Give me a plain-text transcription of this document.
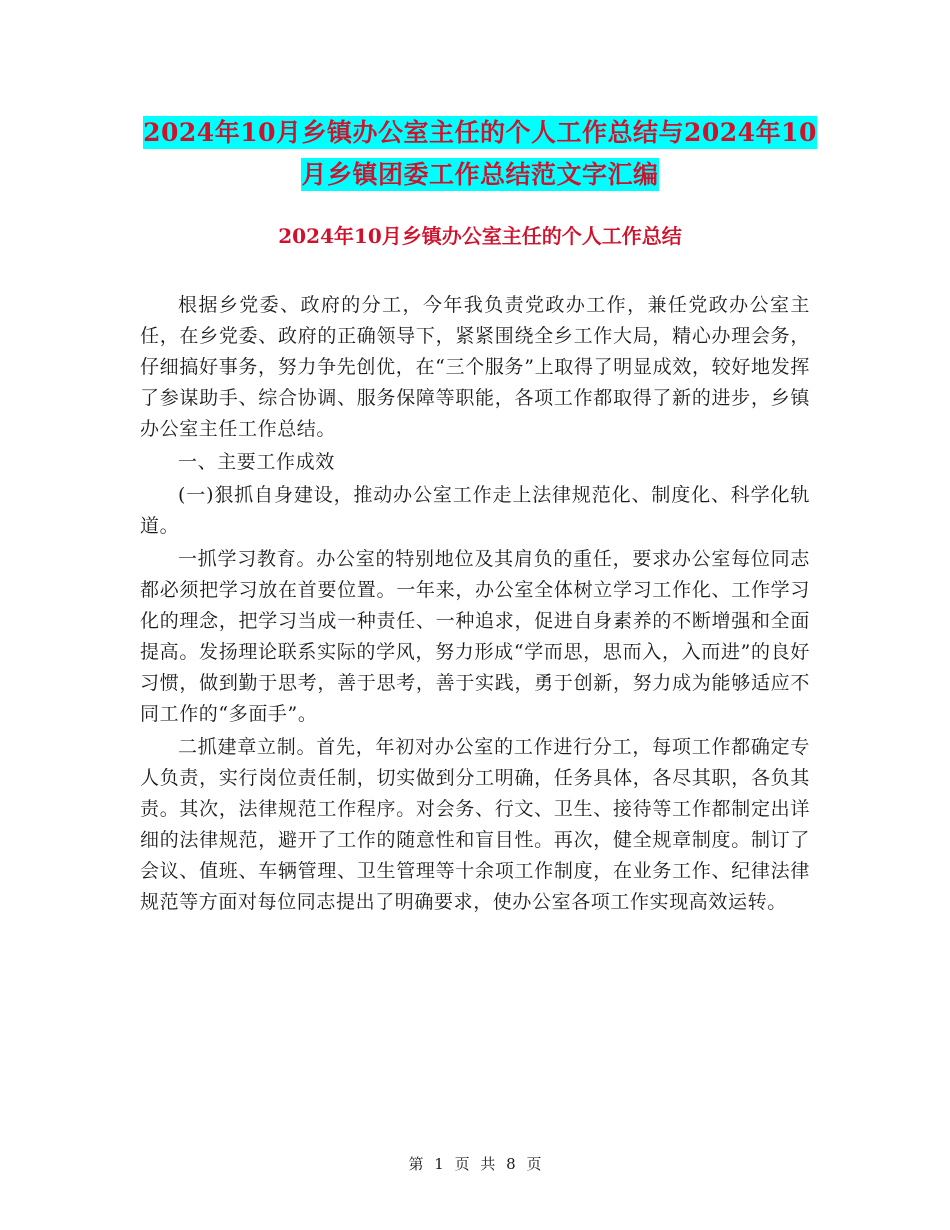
2024年10月乡镇办公室主任的个人工作总结与2024年10月乡镇团委工作总结范文字汇编
2024年10月乡镇办公室主任的个人工作总结

根据乡党委、政府的分工，今年我负责党政办工作，兼任党政办公室主任，在乡党委、政府的正确领导下，紧紧围绕全乡工作大局，精心办理会务，仔细搞好事务，努力争先创优，在“三个服务”上取得了明显成效，较好地发挥了参谋助手、综合协调、服务保障等职能，各项工作都取得了新的进步，乡镇办公室主任工作总结。

一、主要工作成效

(一)狠抓自身建设，推动办公室工作走上法律规范化、制度化、科学化轨道。

一抓学习教育。办公室的特别地位及其肩负的重任，要求办公室每位同志都必须把学习放在首要位置。一年来，办公室全体树立学习工作化、工作学习化的理念，把学习当成一种责任、一种追求，促进自身素养的不断增强和全面提高。发扬理论联系实际的学风，努力形成“学而思，思而入，入而进”的良好习惯，做到勤于思考，善于思考，善于实践，勇于创新，努力成为能够适应不同工作的“多面手”。

二抓建章立制。首先，年初对办公室的工作进行分工，每项工作都确定专人负责，实行岗位责任制，切实做到分工明确，任务具体，各尽其职，各负其责。其次，法律规范工作程序。对会务、行文、卫生、接待等工作都制定出详细的法律规范，避开了工作的随意性和盲目性。再次，健全规章制度。制订了会议、值班、车辆管理、卫生管理等十余项工作制度，在业务工作、纪律法律规范等方面对每位同志提出了明确要求，使办公室各项工作实现高效运转。

第 1 页 共 8 页
